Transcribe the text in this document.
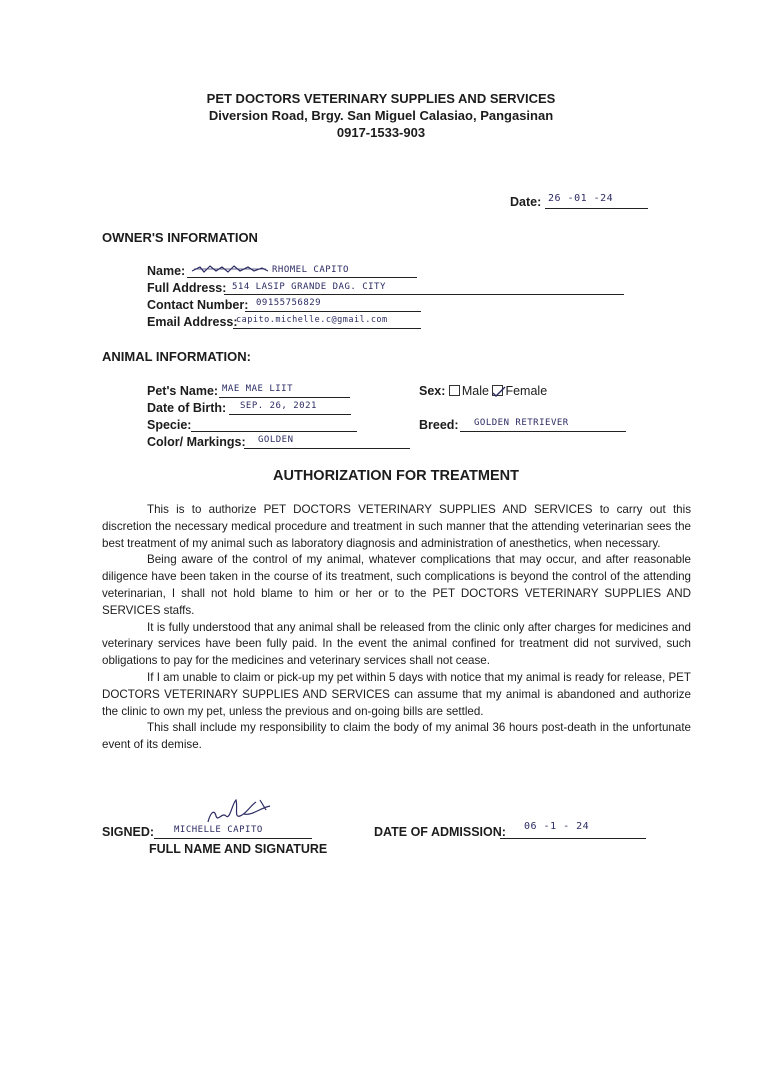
PET DOCTORS VETERINARY SUPPLIES AND SERVICES
Diversion Road, Brgy. San Miguel Calasiao, Pangasinan
0917-1533-903
Date: 26 -01 -24
OWNER'S INFORMATION
Name:	RHOMEL CAPITO
Full Address: 514 LASIP GRANDE DAG. CITY
Contact Number: 09155756829
Email Address:
capito.michelle.c@gmail.com
ANIMAL INFORMATION:
Pet's Name: MAE MAE LIIT
Date of Birth: SEP. 26, 2021
Specie:
Color/ Markings: GOLDEN
Sex: Male Female
Breed: GOLDEN RETRIEVER
AUTHORIZATION FOR TREATMENT

This is to authorize PET DOCTORS VETERINARY SUPPLIES AND SERVICES to carry out this discretion the necessary medical procedure and treatment in such manner that the attending veterinarian sees the best treatment of my animal such as laboratory diagnosis and administration of anesthetics, when necessary.

Being aware of the control of my animal, whatever complications that may occur, and after reasonable diligence have been taken in the course of its treatment, such complications is beyond the control of the attending veterinarian, I shall not hold blame to him or her or to the PET DOCTORS VETERINARY SUPPLIES AND SERVICES staffs.

It is fully understood that any animal shall be released from the clinic only after charges for medicines and veterinary services have been fully paid. In the event the animal confined for treatment did not survived, such obligations to pay for the medicines and veterinary services shall not cease.

If I am unable to claim or pick-up my pet within 5 days with notice that my animal is ready for release, PET DOCTORS VETERINARY SUPPLIES AND SERVICES can assume that my animal is abandoned and authorize the clinic to own my pet, unless the previous and on-going bills are settled.

This shall include my responsibility to claim the body of my animal 36 hours post-death in the unfortunate event of its demise.

SIGNED: MICHELLE CAPITO
FULL NAME AND SIGNATURE
DATE OF ADMISSION: 06 -1 - 24
